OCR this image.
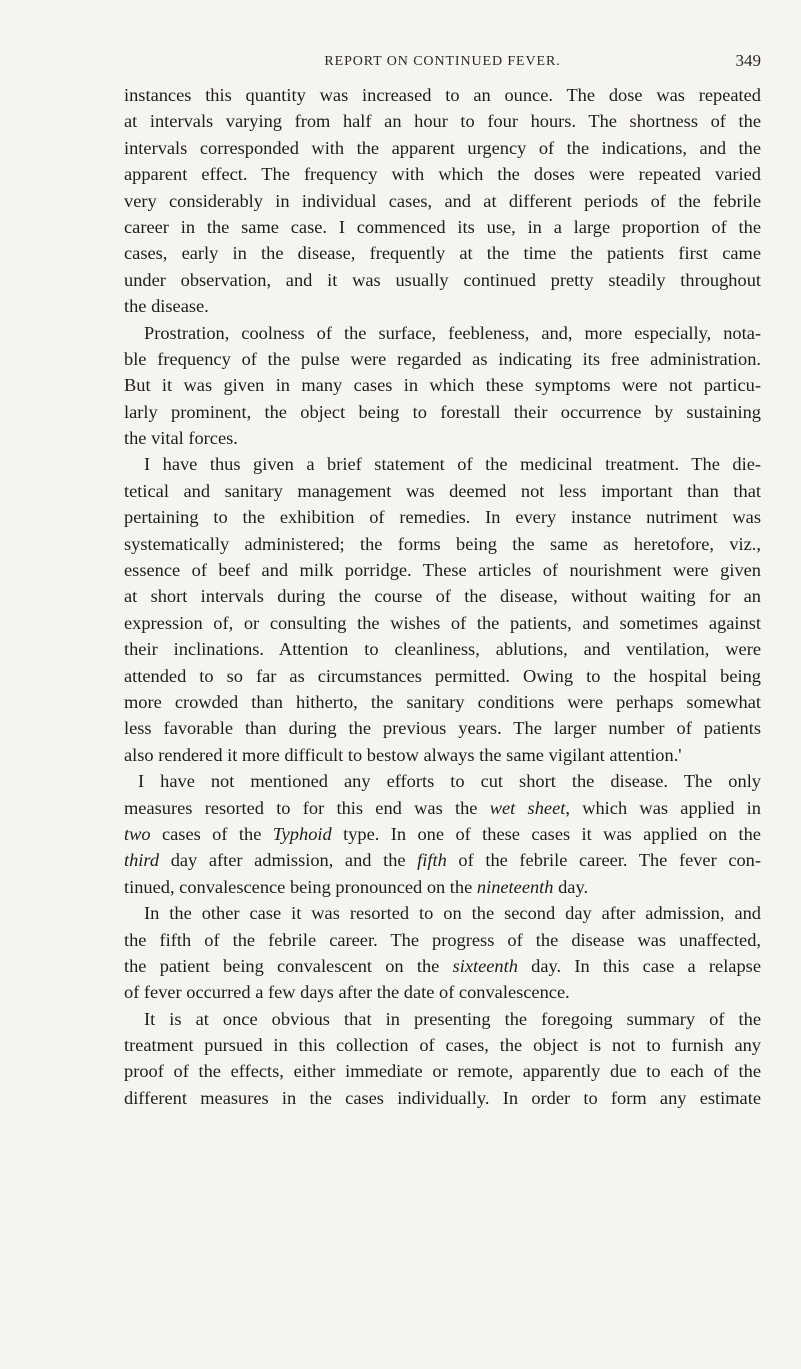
REPORT ON CONTINUED FEVER.	349
instances this quantity was increased to an ounce. The dose was repeated
at intervals varying from half an hour to four hours. The shortness of the
intervals corresponded with the apparent urgency of the indications, and the
apparent effect. The frequency with which the doses were repeated varied
very considerably in individual cases, and at different periods of the febrile
career in the same case. I commenced its use, in a large proportion of the
cases, early in the disease, frequently at the time the patients first came
under observation, and it was usually continued pretty steadily throughout
the disease.
Prostration, coolness of the surface, feebleness, and, more especially, nota-
ble frequency of the pulse were regarded as indicating its free administration.
But it was given in many cases in which these symptoms were not particu-
larly prominent, the object being to forestall their occurrence by sustaining
the vital forces.
I have thus given a brief statement of the medicinal treatment. The die-
tetical and sanitary management was deemed not less important than that
pertaining to the exhibition of remedies. In every instance nutriment was
systematically administered; the forms being the same as heretofore, viz.,
essence of beef and milk porridge. These articles of nourishment were given
at short intervals during the course of the disease, without waiting for an
expression of, or consulting the wishes of the patients, and sometimes against
their inclinations. Attention to cleanliness, ablutions, and ventilation, were
attended to so far as circumstances permitted. Owing to the hospital being
more crowded than hitherto, the sanitary conditions were perhaps somewhat
less favorable than during the previous years. The larger number of patients
also rendered it more difficult to bestow always the same vigilant attention.'
I have not mentioned any efforts to cut short the disease. The only
measures resorted to for this end was the wet sheet, which was applied in
two cases of the Typhoid type. In one of these cases it was applied on the
third day after admission, and the fifth of the febrile career. The fever con-
tinued, convalescence being pronounced on the nineteenth day.
In the other case it was resorted to on the second day after admission, and
the fifth of the febrile career. The progress of the disease was unaffected,
the patient being convalescent on the sixteenth day. In this case a relapse
of fever occurred a few days after the date of convalescence.
It is at once obvious that in presenting the foregoing summary of the
treatment pursued in this collection of cases, the object is not to furnish any
proof of the effects, either immediate or remote, apparently due to each of the
different measures in the cases individually. In order to form any estimate
